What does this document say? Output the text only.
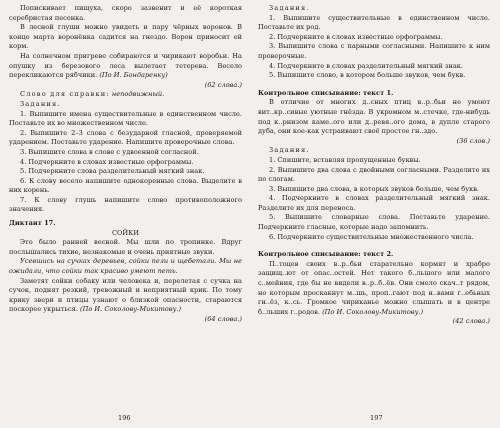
Попискивает пищуха, скоро зазвенит и её короткая серебристая песенка.

В лесной глуши можно увидеть и пару чёрных воронов. В конце марта воронёнка садится на гнездо. Ворон приносит ей корм.

На солнечном пригреве собираются и чирикают воробьи. На опушку из березового леса вылетает тетерева. Весело перекликаются рябчики. (По И. Бондаренку)

(62 слова.)

Слово для справки: неподвижный.

Задания.

1. Выпишите имена существительные в единственном числе. Поставьте их во множественном числе.

2. Выпишите 2–3 слова с безударной гласной, проверяемой ударением. Поставьте ударение. Напишите проверочные слова.

3. Выпишите слова в слове с удвоенной согласной.

4. Подчеркните в словах известные орфограммы.

5. Подчеркните слова разделительный мягкий знак.

6. К слову весело напишите однокоренные слова. Выделите в них корень.

7. К слову глушь напишите слово противоположного значения.

Диктант 17.

СОЙКИ

Это было ранней весной. Мы шли по тропинке. Вдруг послышались тихие, незнакомые и очень приятные звуки.

Усевшись на сучках деревьев, сойки пели и щебетали. Мы не ожидали, что сойки так красиво умеют петь.

Заметят сойки собаку или человека и, перелетая с сучка на сучок, поднят резкий, тревожный и неприятный крик. По тому крику звери и птицы узнают о близкой опасности, стараются поскорее укрыться. (По И. Соколову-Микитову.)

(64 слова.)

Задания.

1. Выпишите существительные в единственном числе. Поставьте их род.

2. Подчеркните в словах известные орфограммы.

3. Выпишите слова с парными согласными. Напишите к ним проверочные.

4. Подчеркните в словах разделительный мягкий знак.

5. Выпишите слово, в котором больше звуков, чем букв.

Контрольное списывание: текст 1.

В отличие от многих д..сных птиц в..р..бьи не умеют вит..кр..сивые уютные гнёзда. В укромном м..стечке, где-нибудь под к..рнизом каме..ого или д..ревя..ого дома, в дупле старого дуба, они кое-как устраивают своё простое гн..здо.

(36 слов.)

Задания.

1. Спишите, вставляя пропущенные буквы.

2. Выпишите два слова с двойными согласными. Разделите их по слогам.

3. Выпишите два слова, в которых звуков больше, чем букв.

4. Подчеркните в словах разделительный мягкий знак. Разделите их для переноса.

5. Выпишите словарные слова. Поставьте ударение. Подчеркните гласные, которые надо запомнить.

6. Подчеркните существительные множественного числа.

Контрольное списывание: текст 2.

П..тоцев своих в..р..бьи старательно кормят и храбро защищ..ют от опас..остей. Нет такого б..льшого или малого с..мейния, где бы не видели в..р..б..ёв. Они смело скач..т рядом, но которым проскакнут м..шь, проп..гают под н..вами г..ебьных гн..ёз, к..сь. Громкое чириканье можно слышать и в центре б..льших г..родов. (По И. Соколову-Микитову.)

(42 слова.)

196	197
